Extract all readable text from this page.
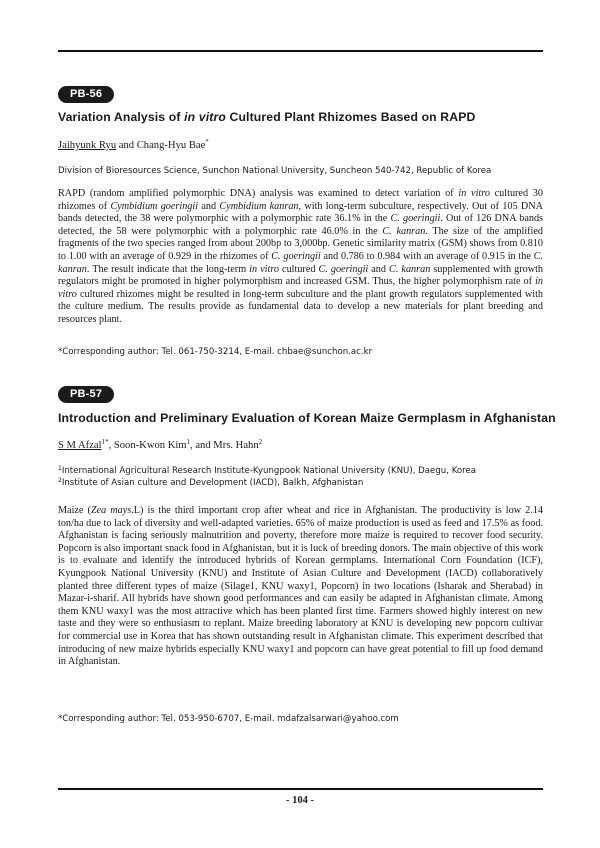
PB-56
Variation Analysis of in vitro Cultured Plant Rhizomes Based on RAPD
Jaihyunk Ryu and Chang-Hyu Bae*
Division of Bioresources Science, Sunchon National University, Suncheon 540-742, Republic of Korea

RAPD (random amplified polymorphic DNA) analysis was examined to detect variation of in vitro cultured 30 rhizomes of Cymbidium goeringii and Cymbidium kanran, with long-term subculture, respectively. Out of 105 DNA bands detected, the 38 were polymorphic with a polymorphic rate 36.1% in the C. goeringii. Out of 126 DNA bands detected, the 58 were polymorphic with a polymorphic rate 46.0% in the C. kanran. The size of the amplified fragments of the two species ranged from about 200bp to 3,000bp. Genetic similarity matrix (GSM) shows from 0.810 to 1.00 with an average of 0.929 in the rhizomes of C. goeringii and 0.786 to 0.984 with an average of 0.915 in the C. kanran. The result indicate that the long-term in vitro cultured C. goeringii and C. kanran supplemented with growth regulators might be promoted in higher polymorphism and increased GSM. Thus, the higher polymorphism rate of in vitro cultured rhizomes might be resulted in long-term subculture and the plant growth regulators supplemented with the culture medium. The results provide as fundamental data to develop a new materials for plant breeding and resources plant.

*Corresponding author: Tel. 061-750-3214, E-mail. chbae@sunchon.ac.kr
PB-57
Introduction and Preliminary Evaluation of Korean Maize Germplasm in Afghanistan
S M Afzal$^{1*}$, Soon-Kwon Kim$^1$, and Mrs. Hahn$^2$
$^1$International Agricultural Research Institute-Kyungpook National University (KNU), Daegu, Korea
$^2$Institute of Asian culture and Development (IACD), Balkh, Afghanistan

Maize (Zea mays.L) is the third important crop after wheat and rice in Afghanistan. The productivity is low 2.14 ton/ha due to lack of diversity and well-adapted varieties. 65% of maize production is used as feed and 17.5% as food. Afghanistan is facing seriously malnutrition and poverty, therefore more maize is required to recover food security. Popcorn is also important snack food in Afghanistan, but it is luck of breeding donors. The main objective of this work is to evaluate and identify the introduced hybrids of Korean germplams. International Corn Foundation (ICF), Kyungpook National University (KNU) and Institute of Asian Culture and Development (IACD) collaboratively planted three different types of maize (Silage1, KNU waxy1, Popcorn) in two locations (Isharak and Sherabad) in Mazar-i-sharif. All hybrids have shown good performances and can easily be adapted in Afghanistan climate. Among them KNU waxy1 was the most attractive which has been planted first time. Farmers showed highly interest on new taste and they were so enthusiasm to replant. Maize breeding laboratory at KNU is developing new popcorn cultivar for commercial use in Korea that has shown outstanding result in Afghanistan climate. This experiment described that introducing of new maize hybrids especially KNU waxy1 and popcorn can have great potential to fill up food demand in Afghanistan.

*Corresponding author: Tel. 053-950-6707, E-mail. mdafzalsarwari@yahoo.com
- 104 -
